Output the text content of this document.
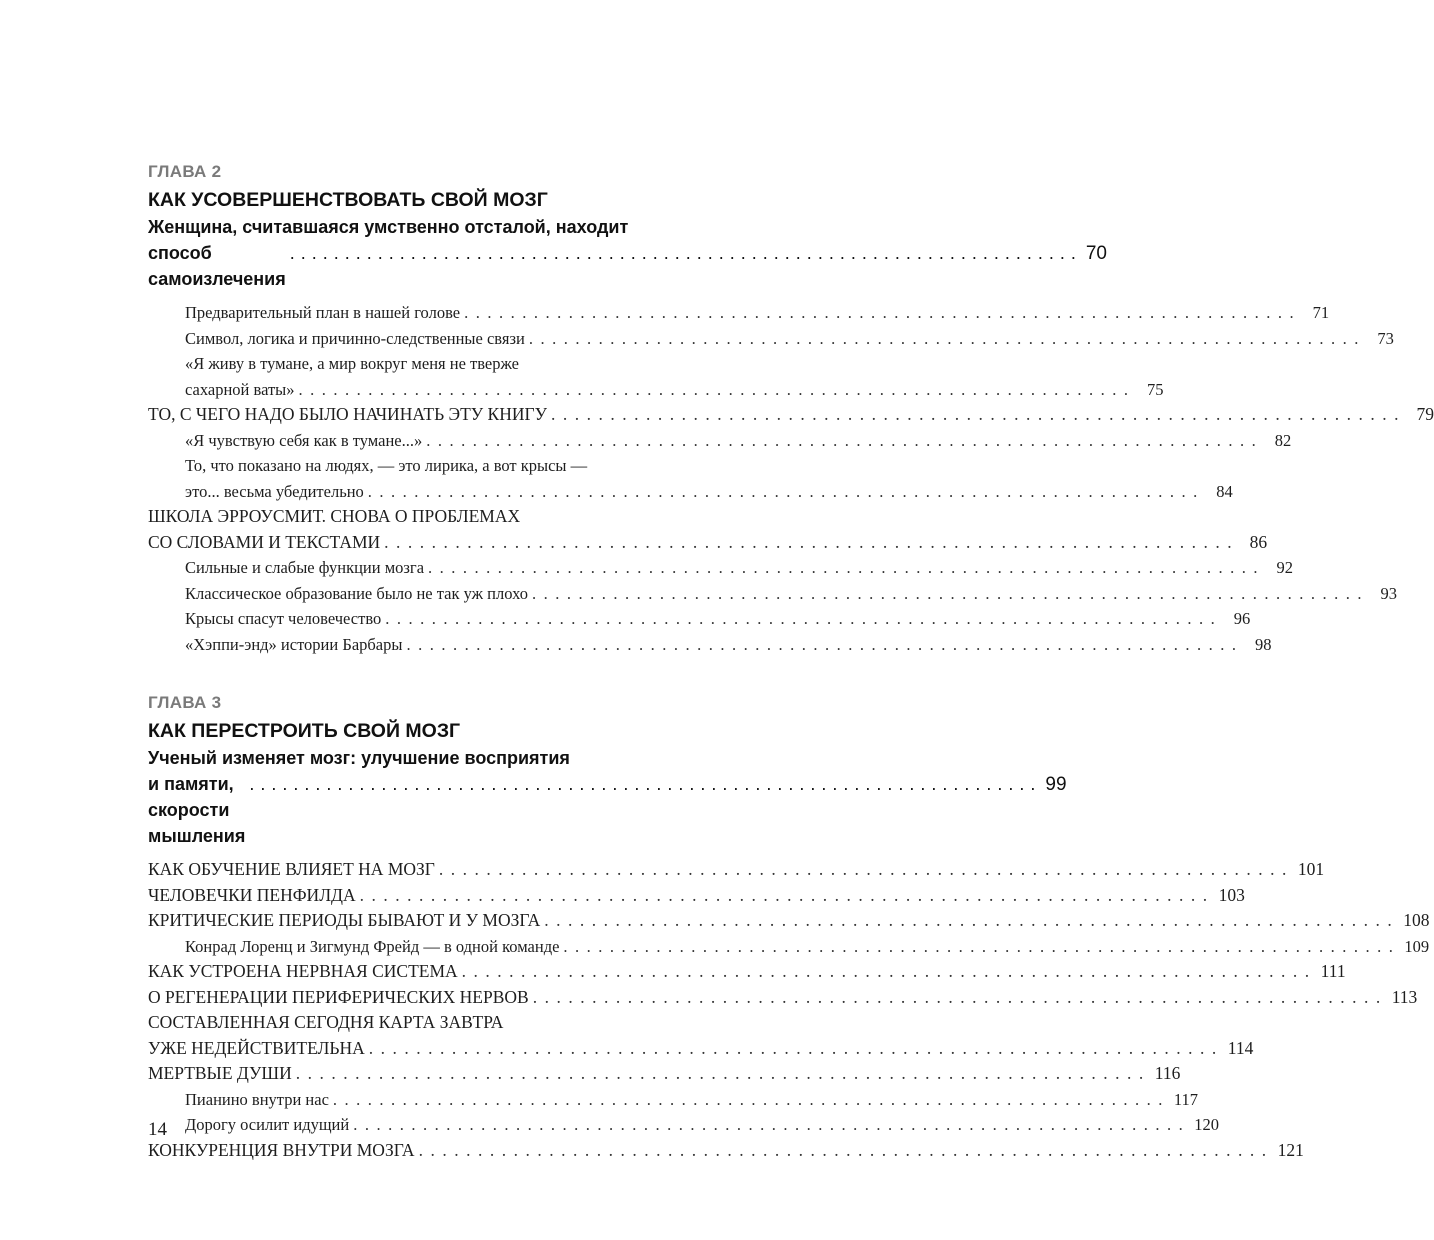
ГЛАВА 2
КАК УСОВЕРШЕНСТВОВАТЬ СВОЙ МОЗГ
Женщина, считавшаяся умственно отсталой, находит
способ самоизлечения
........................................................................ 70
Предварительный план в нашей голове ........................................................................ 71
Символ, логика и причинно-следственные связи ........................................................................ 73
«Я живу в тумане, а мир вокруг меня не тверже
сахарной ваты» ........................................................................ 75
ТО, С ЧЕГО НАДО БЫЛО НАЧИНАТЬ ЭТУ КНИГУ ........................................................................ 79
«Я чувствую себя как в тумане...» ........................................................................ 82
То, что показано на людях, — это лирика, а вот крысы —
это... весьма убедительно ........................................................................ 84
ШКОЛА ЭРРОУСМИТ. СНОВА О ПРОБЛЕМАХ
СО СЛОВАМИ И ТЕКСТАМИ ........................................................................ 86
Сильные и слабые функции мозга ........................................................................ 92
Классическое образование было не так уж плохо ........................................................................ 93
Крысы спасут человечество ........................................................................ 96
«Хэппи-энд» истории Барбары ........................................................................ 98
ГЛАВА 3
КАК ПЕРЕСТРОИТЬ СВОЙ МОЗГ
Ученый изменяет мозг: улучшение восприятия
и памяти, скорости мышления
........................................................................ 99
КАК ОБУЧЕНИЕ ВЛИЯЕТ НА МОЗГ ........................................................................ 101
ЧЕЛОВЕЧКИ ПЕНФИЛДА ........................................................................ 103
КРИТИЧЕСКИЕ ПЕРИОДЫ БЫВАЮТ И У МОЗГА ........................................................................ 108
Конрад Лоренц и Зигмунд Фрейд — в одной команде ........................................................................ 109
КАК УСТРОЕНА НЕРВНАЯ СИСТЕМА ........................................................................ 111
О РЕГЕНЕРАЦИИ ПЕРИФЕРИЧЕСКИХ НЕРВОВ ........................................................................ 113
СОСТАВЛЕННАЯ СЕГОДНЯ КАРТА ЗАВТРА
УЖЕ НЕДЕЙСТВИТЕЛЬНА ........................................................................ 114
МЕРТВЫЕ ДУШИ ........................................................................ 116
Пианино внутри нас ........................................................................ 117
Дорогу осилит идущий ........................................................................ 120
КОНКУРЕНЦИЯ ВНУТРИ МОЗГА ........................................................................ 121
14
